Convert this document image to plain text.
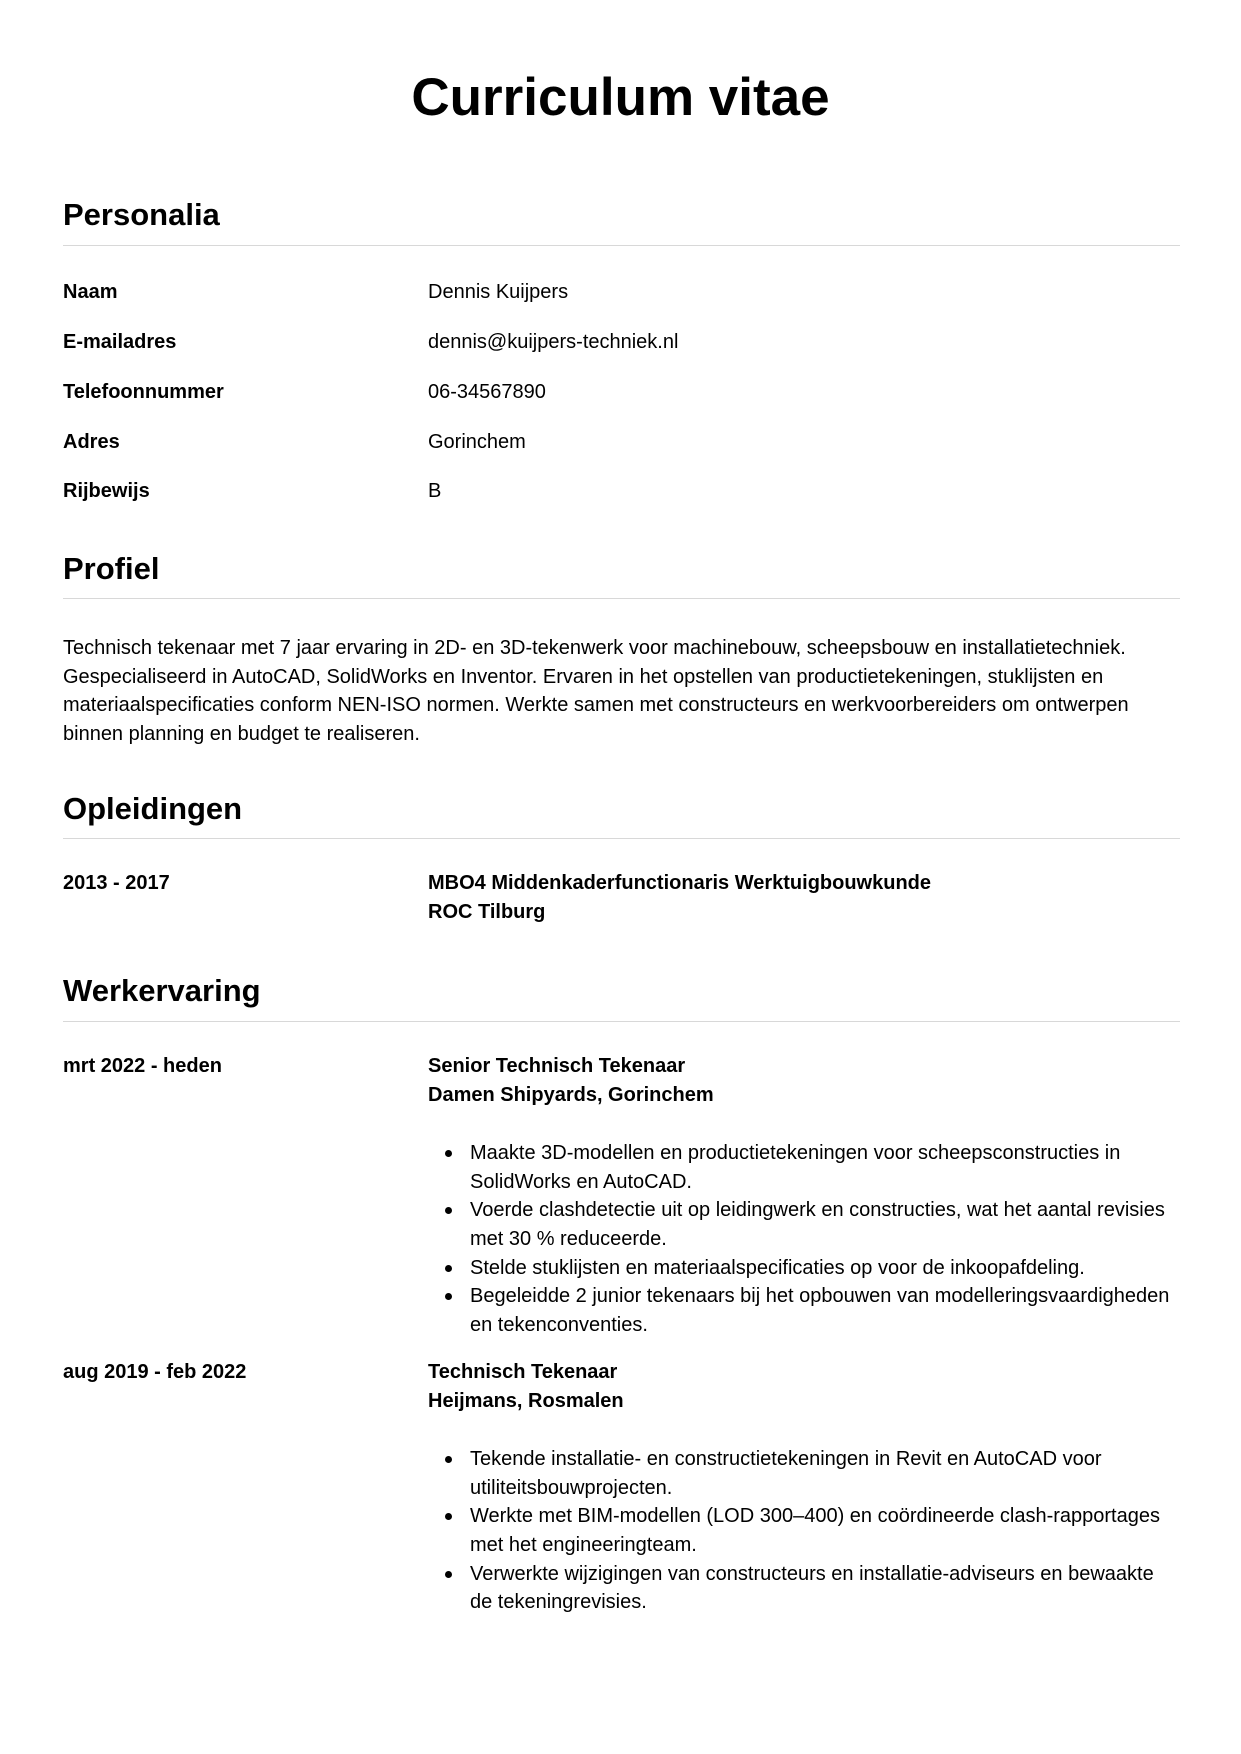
Curriculum vitae
Personalia
Naam	Dennis Kuijpers
E-mailadres	dennis@kuijpers-techniek.nl
Telefoonnummer	06-34567890
Adres	Gorinchem
Rijbewijs	B
Profiel

Technisch tekenaar met 7 jaar ervaring in 2D- en 3D-tekenwerk voor machinebouw, scheepsbouw en installatietechniek. Gespecialiseerd in AutoCAD, SolidWorks en Inventor. Ervaren in het opstellen van productietekeningen, stuklijsten en materiaalspecificaties conform NEN-ISO normen. Werkte samen met constructeurs en werkvoorbereiders om ontwerpen binnen planning en budget te realiseren.

Opleidingen
2013 - 2017	MBO4 Middenkaderfunctionaris Werktuigbouwkunde
ROC Tilburg
Werkervaring
mrt 2022 - heden	Senior Technisch Tekenaar
Damen Shipyards, Gorinchem
Maakte 3D-modellen en productietekeningen voor scheepsconstructies in SolidWorks en AutoCAD.
Voerde clashdetectie uit op leidingwerk en constructies, wat het aantal revisies met 30 % reduceerde.
Stelde stuklijsten en materiaalspecificaties op voor de inkoopafdeling.
Begeleidde 2 junior tekenaars bij het opbouwen van modelleringsvaardigheden en tekenconventies.
aug 2019 - feb 2022	Technisch Tekenaar
Heijmans, Rosmalen
Tekende installatie- en constructietekeningen in Revit en AutoCAD voor utiliteitsbouwprojecten.
Werkte met BIM-modellen (LOD 300–400) en coördineerde clash-rapportages met het engineeringteam.
Verwerkte wijzigingen van constructeurs en installatie-adviseurs en bewaakte de tekeningrevisies.
